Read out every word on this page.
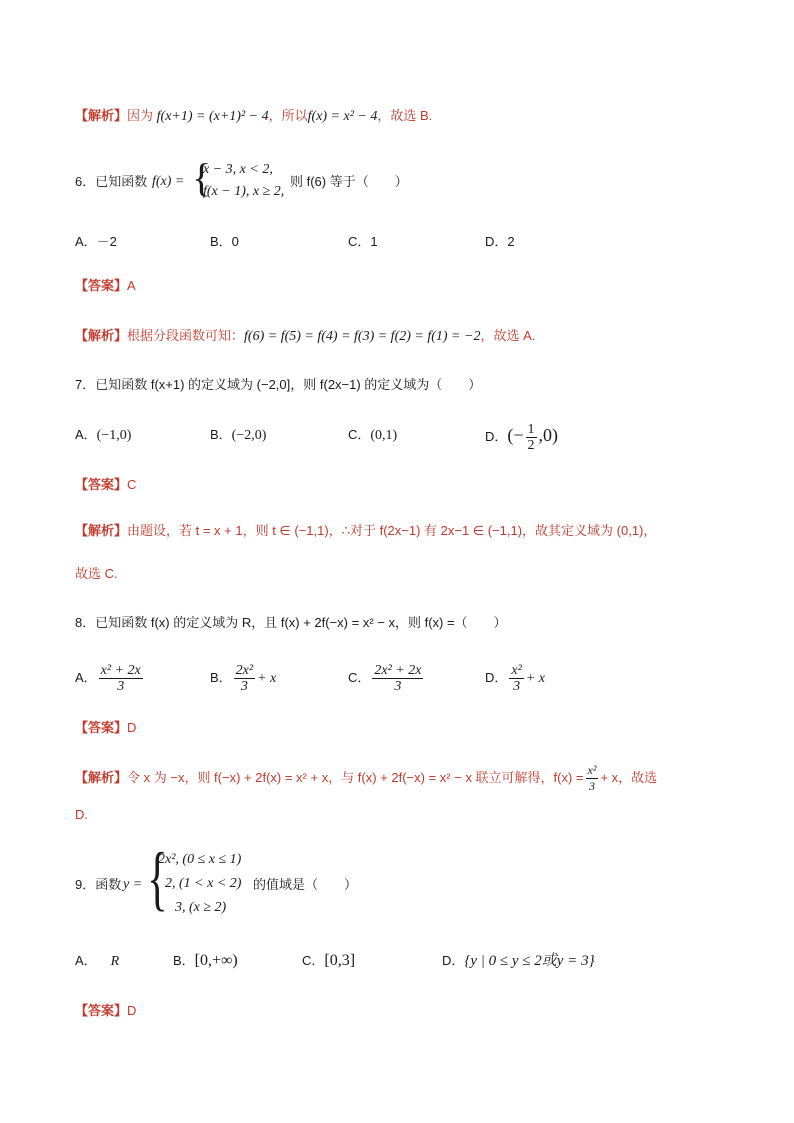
【解析】因为 f(x+1) = (x+1)² − 4，所以f(x) = x² − 4，故选 B.
6．已知函数 f(x) = {
x − 3, x < 2,
f(x − 1), x ≥ 2,
则 f(6) 等于（　　）
A．－2	B．0	C．1	D．2
【答案】A
【解析】根据分段函数可知：f(6) = f(5) = f(4) = f(3) = f(2) = f(1) = −2，故选 A.
7．已知函数 f(x+1) 的定义域为 (−2,0]，则 f(2x−1) 的定义域为（　　）
A．(−1,0)	B．(−2,0)	C．(0,1)	D．(− $\frac{1}{2} ,0$)
【答案】C
【解析】由题设，若 t = x + 1，则 t ∈ (−1,1)，∴对于 f(2x−1) 有 2x−1 ∈ (−1,1)，故其定义域为 (0,1)，
故选 C.
8．已知函数 f(x) 的定义域为 R，且 f(x) + 2f(−x) = x² − x，则 f(x) =（　　）
A． $\frac{\text{x² + 2x}}{3}$	B． $\frac{\text{2x²}}{3} + x$	C． $\frac{\text{2x² + 2x}}{3}$	D． $\frac{\text{x²}}{3} + x$
【答案】D
【解析】令 x 为 −x，则 f(−x) + 2f(x) = x² + x，与 f(x) + 2f(−x) = x² − x 联立可解得，$f(x) = \frac{\text{x²}}{3} + x$，故选
D.
9．函数 y = {
2x², (0 ≤ x ≤ 1)
2, (1 < x < 2)
3, (x ≥ 2)
的值域是（　　）
A． R	B．[0,+∞)	C．[0,3]	D．{y | 0 ≤ y ≤ 2或y = 3}
【答案】D
